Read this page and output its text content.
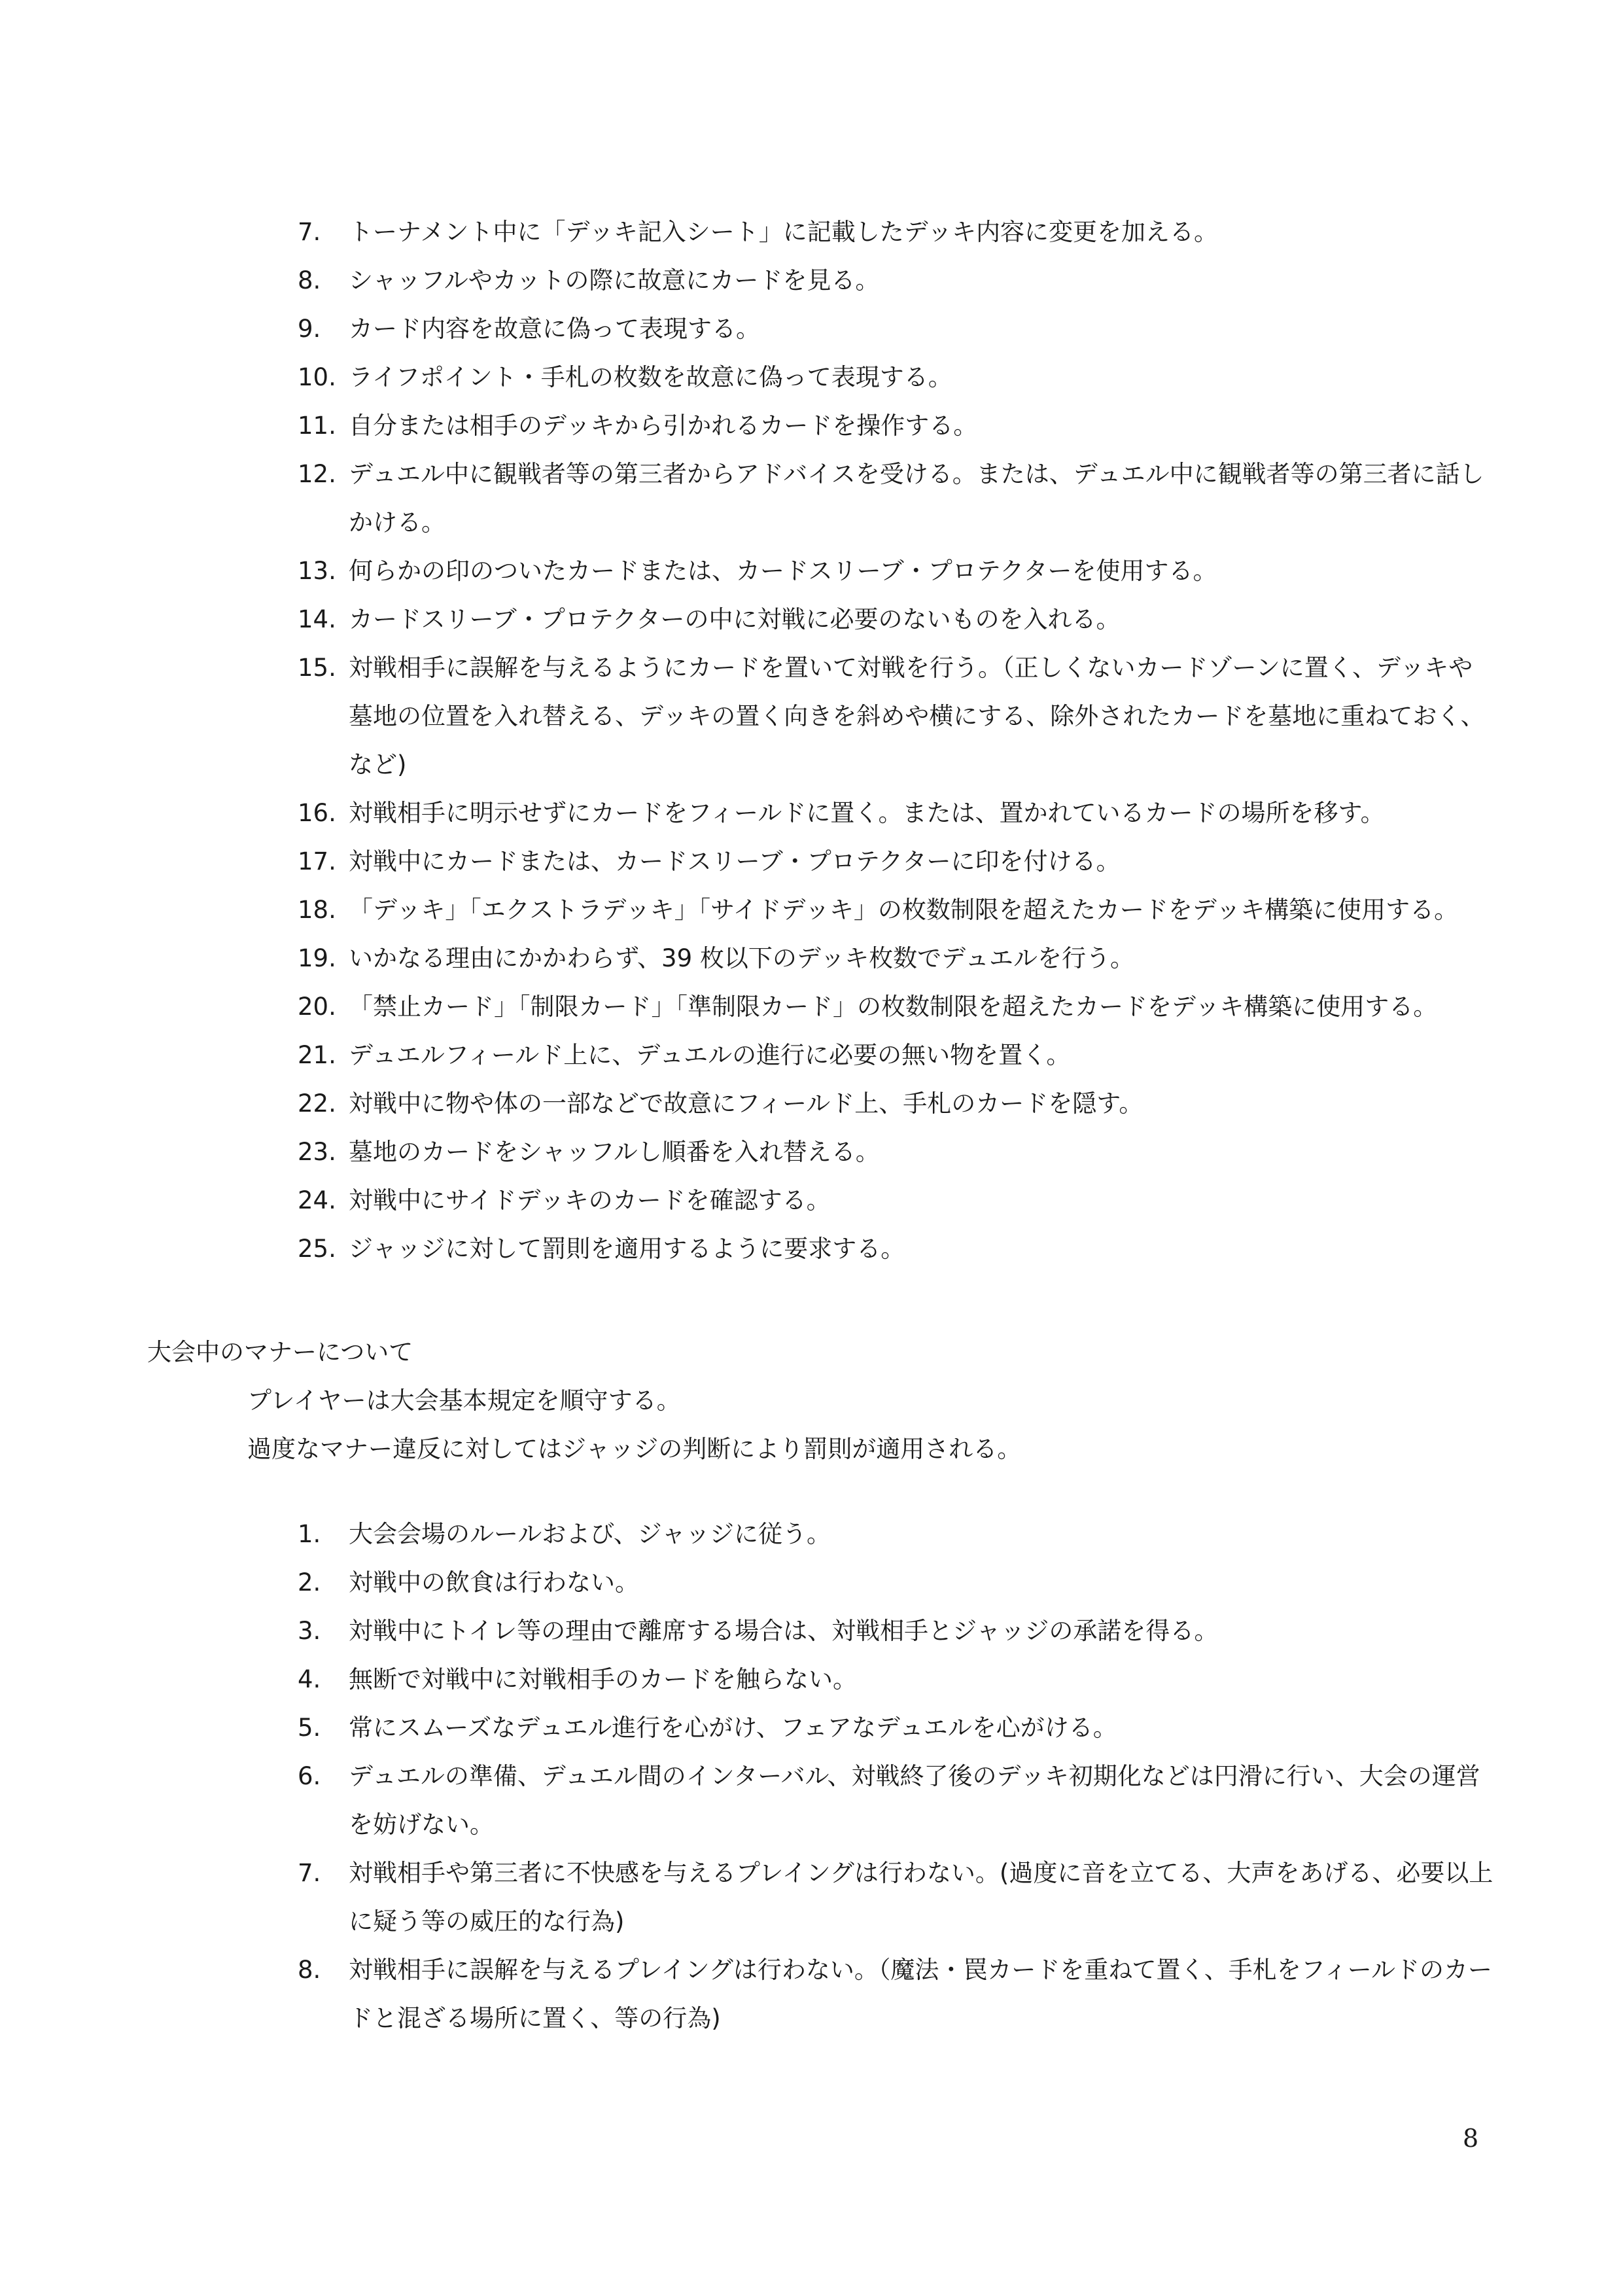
7. トーナメント中に「デッキ記入シート」に記載したデッキ内容に変更を加える。
8. シャッフルやカットの際に故意にカードを見る。
9. カード内容を故意に偽って表現する。
10. ライフポイント・手札の枚数を故意に偽って表現する。
11. 自分または相手のデッキから引かれるカードを操作する。
12. デュエル中に観戦者等の第三者からアドバイスを受ける。または、デュエル中に観戦者等の第三者に話しかける。
13. 何らかの印のついたカードまたは、カードスリーブ・プロテクターを使用する。
14. カードスリーブ・プロテクターの中に対戦に必要のないものを入れる。
15. 対戦相手に誤解を与えるようにカードを置いて対戦を行う。（正しくないカードゾーンに置く、デッキや墓地の位置を入れ替える、デッキの置く向きを斜めや横にする、除外されたカードを墓地に重ねておく、など)
16. 対戦相手に明示せずにカードをフィールドに置く。または、置かれているカードの場所を移す。
17. 対戦中にカードまたは、カードスリーブ・プロテクターに印を付ける。
18. 「デッキ」「エクストラデッキ」「サイドデッキ」の枚数制限を超えたカードをデッキ構築に使用する。
19. いかなる理由にかかわらず、39 枚以下のデッキ枚数でデュエルを行う。
20. 「禁止カード」「制限カード」「準制限カード」の枚数制限を超えたカードをデッキ構築に使用する。
21. デュエルフィールド上に、デュエルの進行に必要の無い物を置く。
22. 対戦中に物や体の一部などで故意にフィールド上、手札のカードを隠す。
23. 墓地のカードをシャッフルし順番を入れ替える。
24. 対戦中にサイドデッキのカードを確認する。
25. ジャッジに対して罰則を適用するように要求する。
大会中のマナーについて
プレイヤーは大会基本規定を順守する。
過度なマナー違反に対してはジャッジの判断により罰則が適用される。
1. 大会会場のルールおよび、ジャッジに従う。
2. 対戦中の飲食は行わない。
3. 対戦中にトイレ等の理由で離席する場合は、対戦相手とジャッジの承諾を得る。
4. 無断で対戦中に対戦相手のカードを触らない。
5. 常にスムーズなデュエル進行を心がけ、フェアなデュエルを心がける。
6. デュエルの準備、デュエル間のインターバル、対戦終了後のデッキ初期化などは円滑に行い、大会の運営を妨げない。
7. 対戦相手や第三者に不快感を与えるプレイングは行わない。(過度に音を立てる、大声をあげる、必要以上に疑う等の威圧的な行為)
8. 対戦相手に誤解を与えるプレイングは行わない。（魔法・罠カードを重ねて置く、手札をフィールドのカードと混ざる場所に置く、等の行為)
8
